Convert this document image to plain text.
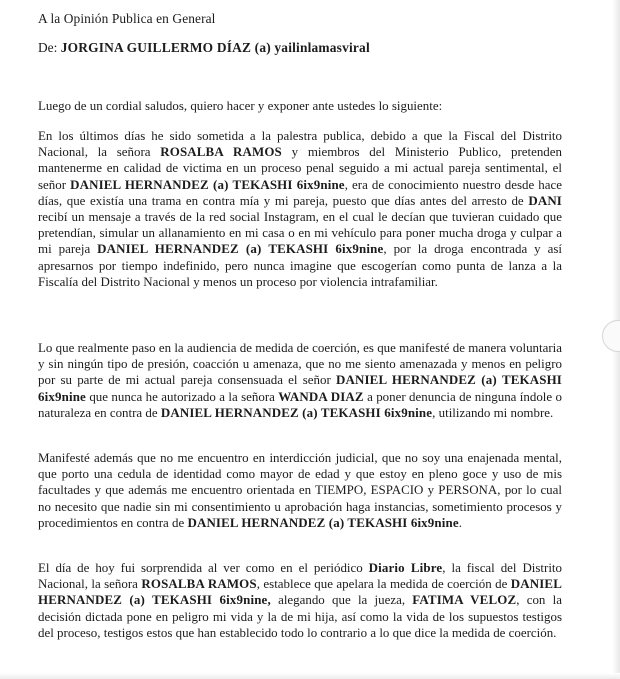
A la Opinión Publica en General
De: JORGINA GUILLERMO DÍAZ (a) yailinlamasviral

Luego de un cordial saludos, quiero hacer y exponer ante ustedes lo siguiente:

En los últimos días he sido sometida a la palestra publica, debido a que la Fiscal del Distrito Nacional, la señora ROSALBA RAMOS y miembros del Ministerio Publico, pretenden mantenerme en calidad de victima en un proceso penal seguido a mi actual pareja sentimental, el señor DANIEL HERNANDEZ (a) TEKASHI 6ix9nine, era de conocimiento nuestro desde hace días, que existía una trama en contra mía y mi pareja, puesto que días antes del arresto de DANI recibí un mensaje a través de la red social Instagram, en el cual le decían que tuvieran cuidado que pretendían, simular un allanamiento en mi casa o en mi vehículo para poner mucha droga y culpar a mi pareja DANIEL HERNANDEZ (a) TEKASHI 6ix9nine, por la droga encontrada y así apresarnos por tiempo indefinido, pero nunca imagine que escogerían como punta de lanza a la Fiscalía del Distrito Nacional y menos un proceso por violencia intrafamiliar.

Lo que realmente paso en la audiencia de medida de coerción, es que manifesté de manera voluntaria y sin ningún tipo de presión, coacción u amenaza, que no me siento amenazada y menos en peligro por su parte de mi actual pareja consensuada el señor DANIEL HERNANDEZ (a) TEKASHI 6ix9nine que nunca he autorizado a la señora WANDA DIAZ a poner denuncia de ninguna índole o naturaleza en contra de DANIEL HERNANDEZ (a) TEKASHI 6ix9nine, utilizando mi nombre.

Manifesté además que no me encuentro en interdicción judicial, que no soy una enajenada mental, que porto una cedula de identidad como mayor de edad y que estoy en pleno goce y uso de mis facultades y que además me encuentro orientada en TIEMPO, ESPACIO y PERSONA, por lo cual no necesito que nadie sin mi consentimiento u aprobación haga instancias, sometimiento procesos y procedimientos en contra de DANIEL HERNANDEZ (a) TEKASHI 6ix9nine.

El día de hoy fui sorprendida al ver como en el periódico Diario Libre, la fiscal del Distrito Nacional, la señora ROSALBA RAMOS, establece que apelara la medida de coerción de DANIEL HERNANDEZ (a) TEKASHI 6ix9nine, alegando que la jueza, FATIMA VELOZ, con la decisión dictada pone en peligro mi vida y la de mi hija, así como la vida de los supuestos testigos del proceso, testigos estos que han establecido todo lo contrario a lo que dice la medida de coerción.
